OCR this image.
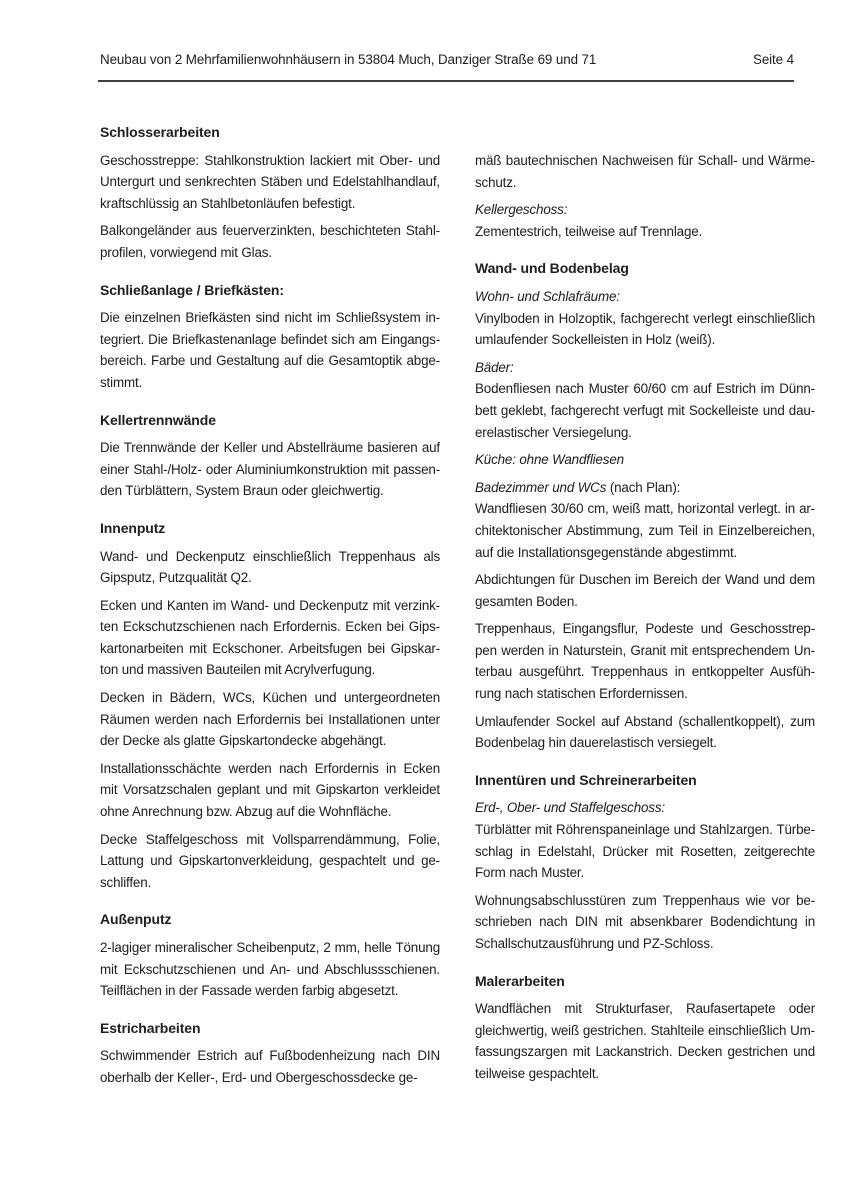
Neubau von 2 Mehrfamilienwohnhäusern in 53804 Much, Danziger Straße 69 und 71	Seite 4
Schlosserarbeiten
Geschosstreppe: Stahlkonstruktion lackiert mit Ober- und
Untergurt und senkrechten Stäben und Edelstahlhandlauf,
kraftschlüssig an Stahlbetonläufen befestigt.
Balkongeländer aus feuerverzinkten, beschichteten Stahl-
profilen, vorwiegend mit Glas.
Schließanlage / Briefkästen:
Die einzelnen Briefkästen sind nicht im Schließsystem in-
tegriert. Die Briefkastenanlage befindet sich am Eingangs-
bereich. Farbe und Gestaltung auf die Gesamtoptik abge-
stimmt.
Kellertrennwände
Die Trennwände der Keller und Abstellräume basieren auf
einer Stahl-/Holz- oder Aluminiumkonstruktion mit passen-
den Türblättern, System Braun oder gleichwertig.
Innenputz
Wand- und Deckenputz einschließlich Treppenhaus als
Gipsputz, Putzqualität Q2.
Ecken und Kanten im Wand- und Deckenputz mit verzink-
ten Eckschutzschienen nach Erfordernis. Ecken bei Gips-
kartonarbeiten mit Eckschoner. Arbeitsfugen bei Gipskar-
ton und massiven Bauteilen mit Acrylverfugung.
Decken in Bädern, WCs, Küchen und untergeordneten
Räumen werden nach Erfordernis bei Installationen unter
der Decke als glatte Gipskartondecke abgehängt.
Installationsschächte werden nach Erfordernis in Ecken
mit Vorsatzschalen geplant und mit Gipskarton verkleidet
ohne Anrechnung bzw. Abzug auf die Wohnfläche.
Decke Staffelgeschoss mit Vollsparrendämmung, Folie,
Lattung und Gipskartonverkleidung, gespachtelt und ge-
schliffen.
Außenputz
2-lagiger mineralischer Scheibenputz, 2 mm, helle Tönung
mit Eckschutzschienen und An- und Abschlussschienen.
Teilflächen in der Fassade werden farbig abgesetzt.
Estricharbeiten
Schwimmender Estrich auf Fußbodenheizung nach DIN
oberhalb der Keller-, Erd- und Obergeschossdecke ge-
mäß bautechnischen Nachweisen für Schall- und Wärme-
schutz.
Kellergeschoss:
Zementestrich, teilweise auf Trennlage.
Wand- und Bodenbelag
Wohn- und Schlafräume:
Vinylboden in Holzoptik, fachgerecht verlegt einschließlich
umlaufender Sockelleisten in Holz (weiß).
Bäder:
Bodenfliesen nach Muster 60/60 cm auf Estrich im Dünn-
bett geklebt, fachgerecht verfugt mit Sockelleiste und dau-
erelastischer Versiegelung.
Küche: ohne Wandfliesen
Badezimmer und WCs (nach Plan):
Wandfliesen 30/60 cm, weiß matt, horizontal verlegt. in ar-
chitektonischer Abstimmung, zum Teil in Einzelbereichen,
auf die Installationsgegenstände abgestimmt.
Abdichtungen für Duschen im Bereich der Wand und dem
gesamten Boden.
Treppenhaus, Eingangsflur, Podeste und Geschosstrep-
pen werden in Naturstein, Granit mit entsprechendem Un-
terbau ausgeführt. Treppenhaus in entkoppelter Ausfüh-
rung nach statischen Erfordernissen.
Umlaufender Sockel auf Abstand (schallentkoppelt), zum
Bodenbelag hin dauerelastisch versiegelt.
Innentüren und Schreinerarbeiten
Erd-, Ober- und Staffelgeschoss:
Türblätter mit Röhrenspaneinlage und Stahlzargen. Türbe-
schlag in Edelstahl, Drücker mit Rosetten, zeitgerechte
Form nach Muster.
Wohnungsabschlusstüren zum Treppenhaus wie vor be-
schrieben nach DIN mit absenkbarer Bodendichtung in
Schallschutzausführung und PZ-Schloss.
Malerarbeiten
Wandflächen mit Strukturfaser, Raufasertapete oder
gleichwertig, weiß gestrichen. Stahlteile einschließlich Um-
fassungszargen mit Lackanstrich. Decken gestrichen und
teilweise gespachtelt.
